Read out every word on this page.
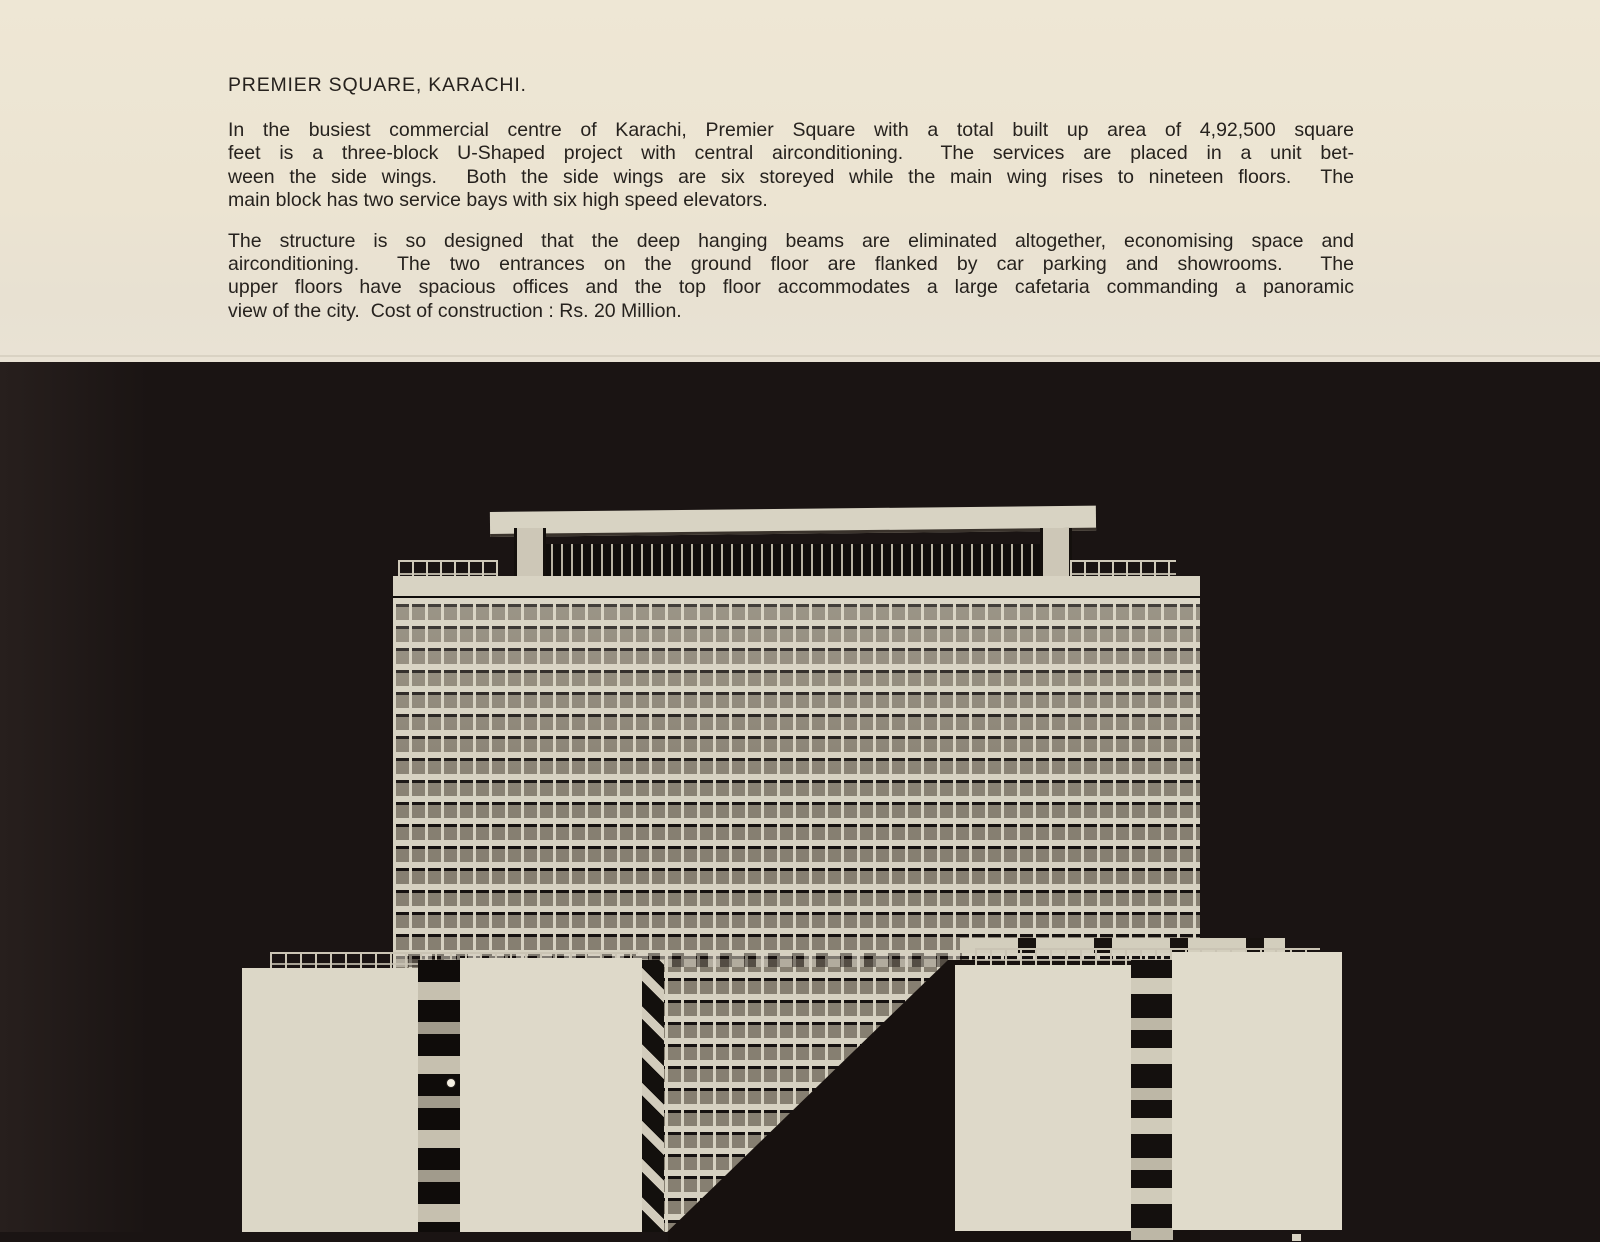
PREMIER SQUARE, KARACHI.
In the busiest commercial centre of Karachi, Premier Square with a total built up area of 4,92,500 square
feet is a three-block U-Shaped project with central airconditioning.  The services are placed in a unit bet-
ween the side wings.  Both the side wings are six storeyed while the main wing rises to nineteen floors.  The
main block has two service bays with six high speed elevators.
The structure is so designed that the deep hanging beams are eliminated altogether, economising space and
airconditioning.  The two entrances on the ground floor are flanked by car parking and showrooms.  The
upper floors have spacious offices and the top floor accommodates a large cafetaria commanding a panoramic
view of the city.  Cost of construction : Rs. 20 Million.
